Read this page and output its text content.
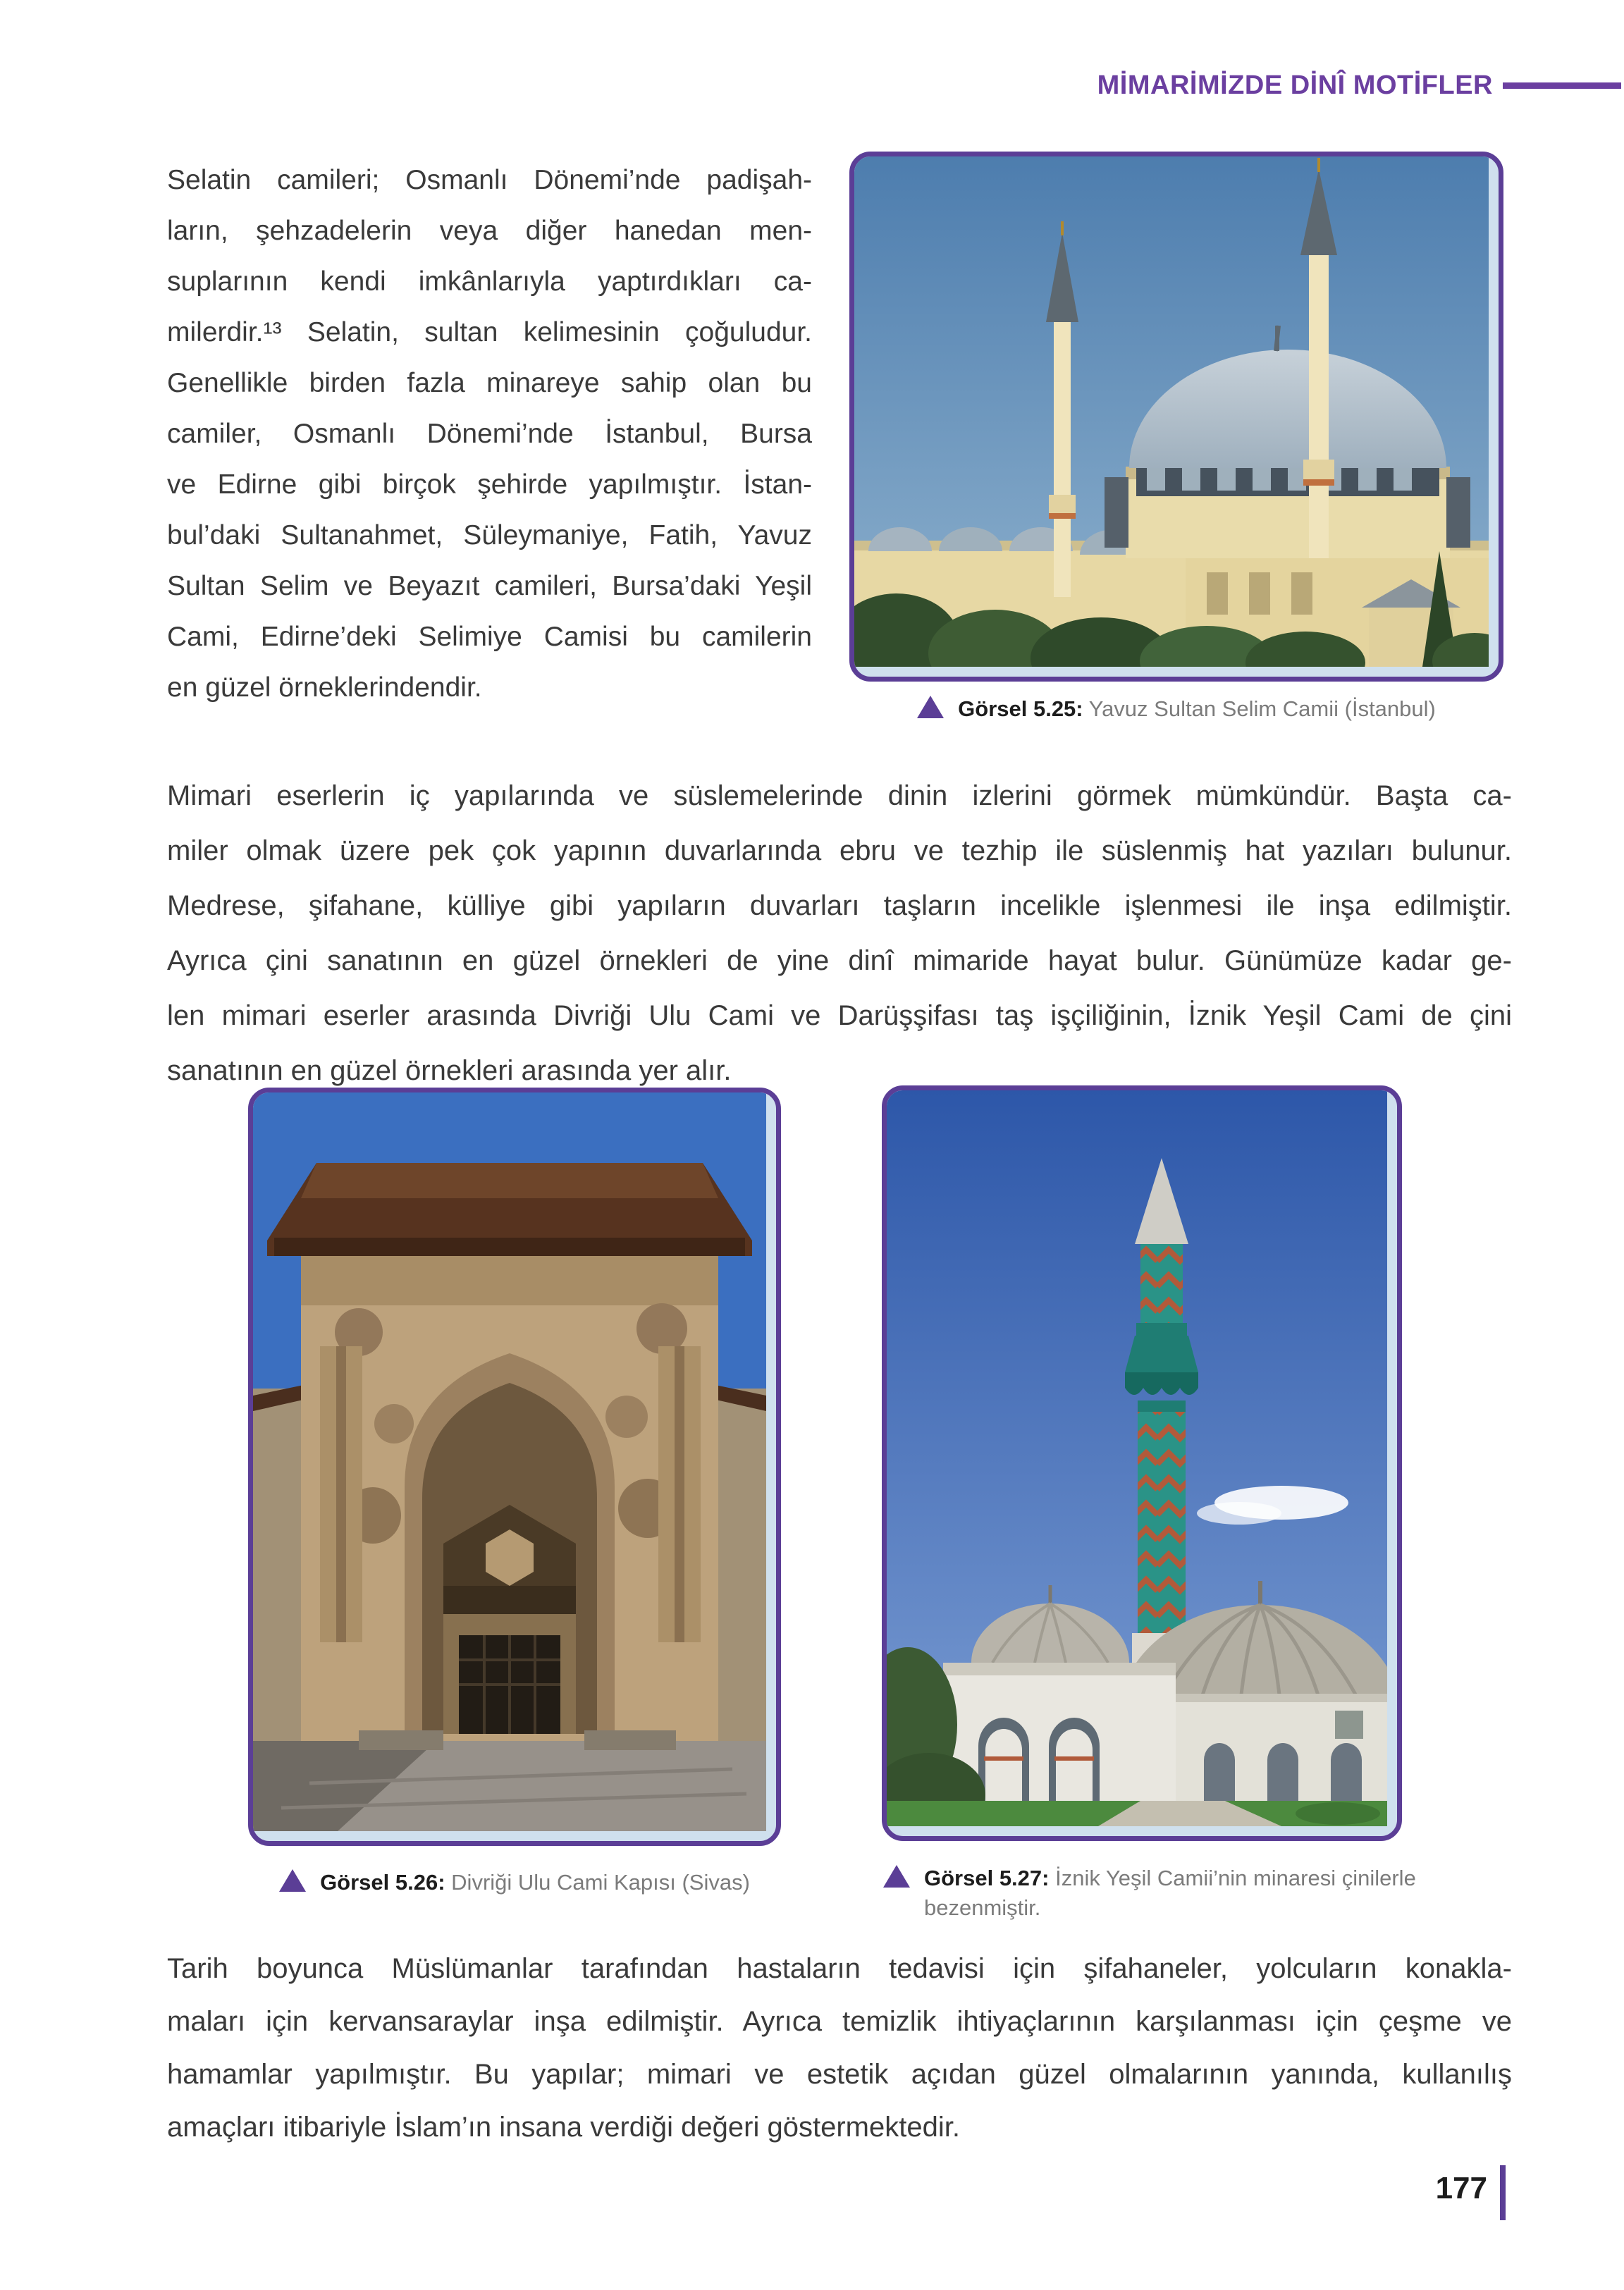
MİMARİMİZDE DİNÎ MOTİFLER
Selatin camileri; Osmanlı Dönemi’nde padişah-
ların, şehzadelerin veya diğer hanedan men-
suplarının kendi imkânlarıyla yaptırdıkları ca-
milerdir.¹³ Selatin, sultan kelimesinin çoğuludur.
Genellikle birden fazla minareye sahip olan bu
camiler, Osmanlı Dönemi’nde İstanbul, Bursa
ve Edirne gibi birçok şehirde yapılmıştır. İstan-
bul’daki Sultanahmet, Süleymaniye, Fatih, Yavuz
Sultan Selim ve Beyazıt camileri, Bursa’daki Yeşil
Cami, Edirne’deki Selimiye Camisi bu camilerin
en güzel örneklerindendir.
Görsel 5.25: Yavuz Sultan Selim Camii (İstanbul)
Mimari eserlerin iç yapılarında ve süslemelerinde dinin izlerini görmek mümkündür. Başta ca-
miler olmak üzere pek çok yapının duvarlarında ebru ve tezhip ile süslenmiş hat yazıları bulunur.
Medrese, şifahane, külliye gibi yapıların duvarları taşların incelikle işlenmesi ile inşa edilmiştir.
Ayrıca çini sanatının en güzel örnekleri de yine dinî mimaride hayat bulur. Günümüze kadar ge-
len mimari eserler arasında Divriği Ulu Cami ve Darüşşifası taş işçiliğinin, İznik Yeşil Cami de çini
sanatının en güzel örnekleri arasında yer alır.
Görsel 5.26: Divriği Ulu Cami Kapısı (Sivas)	Görsel 5.27: İznik Yeşil Camii’nin minaresi çinilerle bezenmiştir.
Tarih boyunca Müslümanlar tarafından hastaların tedavisi için şifahaneler, yolcuların konakla-
maları için kervansaraylar inşa edilmiştir. Ayrıca temizlik ihtiyaçlarının karşılanması için çeşme ve
hamamlar yapılmıştır. Bu yapılar; mimari ve estetik açıdan güzel olmalarının yanında, kullanılış
amaçları itibariyle İslam’ın insana verdiği değeri göstermektedir.
177
